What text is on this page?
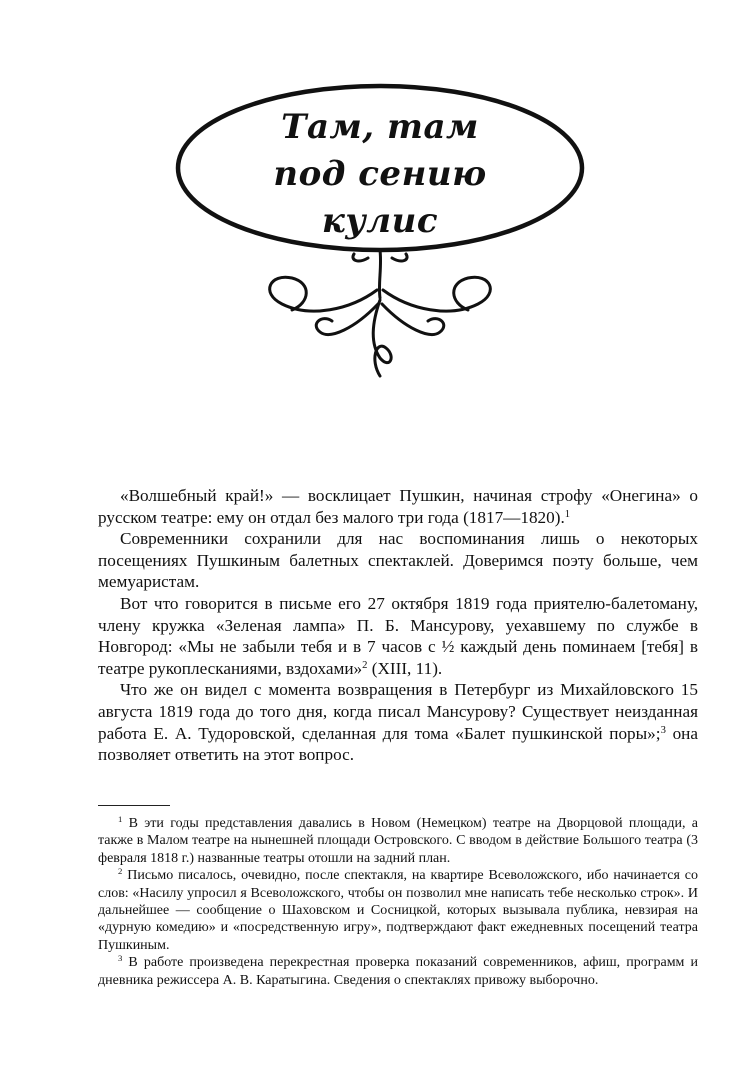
Там, там
под сению
кулис

«Волшебный край!» — восклицает Пушкин, начиная строфу «Онегина» о русском театре: ему он отдал без малого три года (1817—1820).$^1$

Современники сохранили для нас воспоминания лишь о некоторых посещениях Пушкиным балетных спектаклей. Доверимся поэту больше, чем мемуаристам.

Вот что говорится в письме его 27 октября 1819 года приятелю-балетоману, члену кружка «Зеленая лампа» П. Б. Мансурову, уехавшему по службе в Новгород: «Мы не забыли тебя и в 7 часов с ½ каждый день поминаем [тебя] в театре рукоплесканиями, вздохами»$^2$ (XIII, 11).

Что же он видел с момента возвращения в Петербург из Михайловского 15 августа 1819 года до того дня, когда писал Мансурову? Существует неизданная работа Е. А. Тудоровской, сделанная для тома «Балет пушкинской поры»;$^3$ она позволяет ответить на этот вопрос.

$^1$ В эти годы представления давались в Новом (Немецком) театре на Дворцовой площади, а также в Малом театре на нынешней площади Островского. С вводом в действие Большого театра (3 февраля 1818 г.) названные театры отошли на задний план.

$^2$ Письмо писалось, очевидно, после спектакля, на квартире Всеволожского, ибо начинается со слов: «Насилу упросил я Всеволожского, чтобы он позволил мне написать тебе несколько строк». И дальнейшее — сообщение о Шаховском и Сосницкой, которых вызывала публика, невзирая на «дурную комедию» и «посредственную игру», подтверждают факт ежедневных посещений театра Пушкиным.

$^3$ В работе произведена перекрестная проверка показаний современников, афиш, программ и дневника режиссера А. В. Каратыгина. Сведения о спектаклях привожу выборочно.
